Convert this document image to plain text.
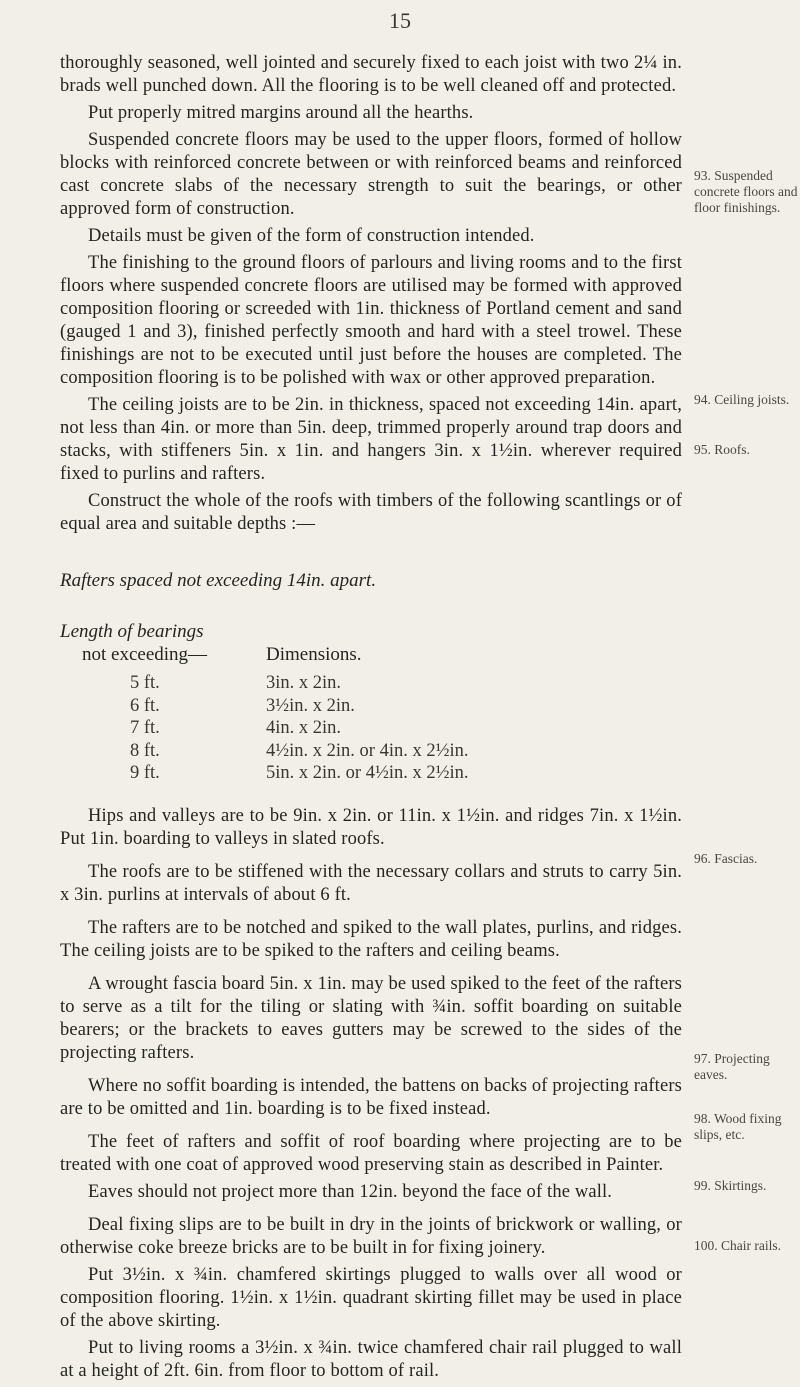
15

thoroughly seasoned, well jointed and securely fixed to each joist with two 2¼ in. brads well punched down. All the flooring is to be well cleaned off and protected.

Put properly mitred margins around all the hearths.

Suspended concrete floors may be used to the upper floors, formed of hollow blocks with reinforced concrete between or with reinforced beams and reinforced cast concrete slabs of the necessary strength to suit the bearings, or other approved form of construction.

Details must be given of the form of construction intended.

The finishing to the ground floors of parlours and living rooms and to the first floors where suspended concrete floors are utilised may be formed with approved composition flooring or screeded with 1in. thickness of Portland cement and sand (gauged 1 and 3), finished perfectly smooth and hard with a steel trowel. These finishings are not to be executed until just before the houses are completed. The composition flooring is to be polished with wax or other approved preparation.

The ceiling joists are to be 2in. in thickness, spaced not exceeding 14in. apart, not less than 4in. or more than 5in. deep, trimmed properly around trap doors and stacks, with stiffeners 5in. x 1in. and hangers 3in. x 1½in. wherever required fixed to purlins and rafters.

Construct the whole of the roofs with timbers of the following scantlings or of equal area and suitable depths :—

Rafters spaced not exceeding 14in. apart.

Length of bearings

not exceeding—	Dimensions.
5 ft.	3in. x 2in.
6 ft.	3½in. x 2in.
7 ft.	4in. x 2in.
8 ft.	4½in. x 2in. or 4in. x 2½in.
9 ft.	5in. x 2in. or 4½in. x 2½in.

Hips and valleys are to be 9in. x 2in. or 11in. x 1½in. and ridges 7in. x 1½in. Put 1in. boarding to valleys in slated roofs.

The roofs are to be stiffened with the necessary collars and struts to carry 5in. x 3in. purlins at intervals of about 6 ft.

The rafters are to be notched and spiked to the wall plates, purlins, and ridges. The ceiling joists are to be spiked to the rafters and ceiling beams.

A wrought fascia board 5in. x 1in. may be used spiked to the feet of the rafters to serve as a tilt for the tiling or slating with ¾in. soffit boarding on suitable bearers; or the brackets to eaves gutters may be screwed to the sides of the projecting rafters.

Where no soffit boarding is intended, the battens on backs of projecting rafters are to be omitted and 1in. boarding is to be fixed instead.

The feet of rafters and soffit of roof boarding where projecting are to be treated with one coat of approved wood preserving stain as described in Painter.

Eaves should not project more than 12in. beyond the face of the wall.

Deal fixing slips are to be built in dry in the joints of brickwork or walling, or otherwise coke breeze bricks are to be built in for fixing joinery.

Put 3½in. x ¾in. chamfered skirtings plugged to walls over all wood or composition flooring. 1½in. x 1½in. quadrant skirting fillet may be used in place of the above skirting.

Put to living rooms a 3½in. x ¾in. twice chamfered chair rail plugged to wall at a height of 2ft. 6in. from floor to bottom of rail.

93. Suspended concrete floors and floor finishings.
94. Ceiling joists.
95. Roofs.
96. Fascias.
97. Projecting eaves.
98. Wood fixing slips, etc.
99. Skirtings.
100. Chair rails.
